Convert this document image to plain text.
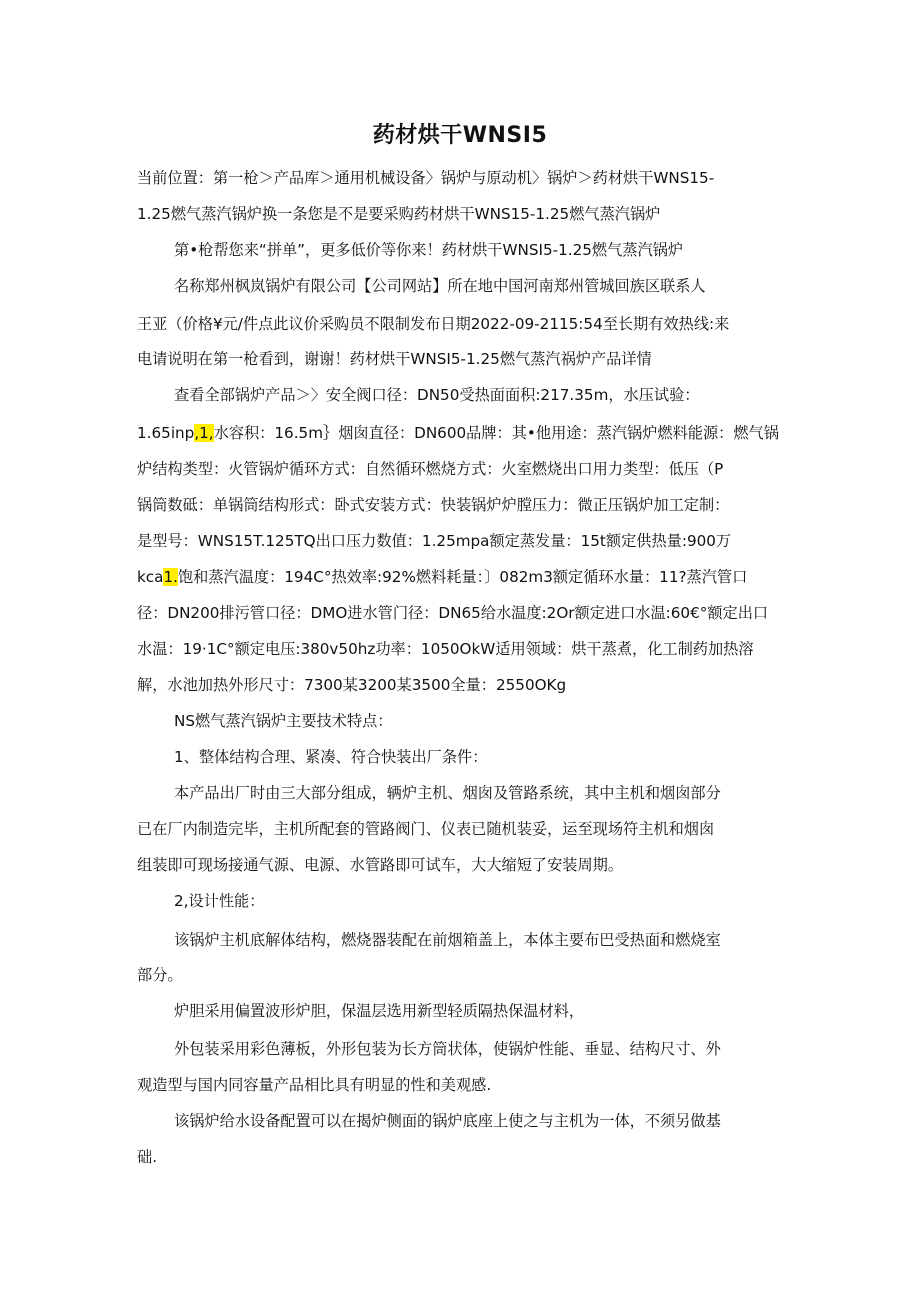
药材烘干WNSI5
当前位置：第一枪＞产品库＞通用机械设备〉锅炉与原动机〉锅炉＞药材烘干WNS15-
1.25燃气蒸汽锅炉换一条您是不是要采购药材烘干WNS15-1.25燃气蒸汽锅炉
第•枪帮您来“拼单”，更多低价等你来！药材烘干WNSI5-1.25燃气蒸汽锅炉
名称郑州枫岚锅炉有限公司【公司网站】所在地中国河南郑州管城回族区联系人
王亚（价格¥元/件点此议价采购员不限制发布日期2022-09-2115:54至长期有效热线:来
电请说明在第一枪看到，谢谢！药材烘干WNSI5-1.25燃气蒸汽祸炉产品详情
查看全部锅炉产品＞〉安全阀口径：DN50受热面面积:217.35m，水压试验：
1.65inp,1,水容积：16.5m｝烟囱直径：DN600品牌：其•他用途：蒸汽锅炉燃料能源：燃气锅
炉结构类型：火管锅炉循环方式：自然循环燃烧方式：火室燃烧出口用力类型：低压（P
锅筒数砥：单锅筒结构形式：卧式安装方式：快装锅炉炉膛压力：微正压锅炉加工定制：
是型号：WNS15T.125TQ出口压力数值：1.25mpa额定蒸发量：15t额定供热量:900万
kca1.饱和蒸汽温度：194C°热效率:92%燃料耗量：〕082m3额定循环水量：11?蒸汽管口
径：DN200排污管口径：DMO进水管门径：DN65给水温度:2Or额定进口水温:60€°额定出口
水温：19·1C°额定电压:380v50hz功率：1050OkW适用领域：烘干蒸煮，化工制药加热溶
解，水池加热外形尺寸：7300某3200某3500全量：2550OKg
NS燃气蒸汽锅炉主要技术特点：
1、整体结构合理、紧凑、符合快装出厂条件：
本产品出厂时由三大部分组成，辆炉主机、烟囱及管路系统，其中主机和烟囱部分
已在厂内制造完毕，主机所配套的管路阀门、仪表已随机装妥，运至现场符主机和烟囱
组装即可现场接通气源、电源、水管路即可试车，大大缩短了安装周期。
2,设计性能：
该锅炉主机底解体结构，燃烧器装配在前烟箱盖上，本体主要布巴受热面和燃烧室
部分。
炉胆采用偏置波形炉胆，保温层选用新型轻质隔热保温材料，
外包装采用彩色薄板，外形包装为长方筒状体，使锅炉性能、垂显、结构尺寸、外
观造型与国内同容量产品相比具有明显的性和美观感.
该锅炉给水设备配置可以在揭炉侧面的锅炉底座上使之与主机为一体，不须另做基
础.
